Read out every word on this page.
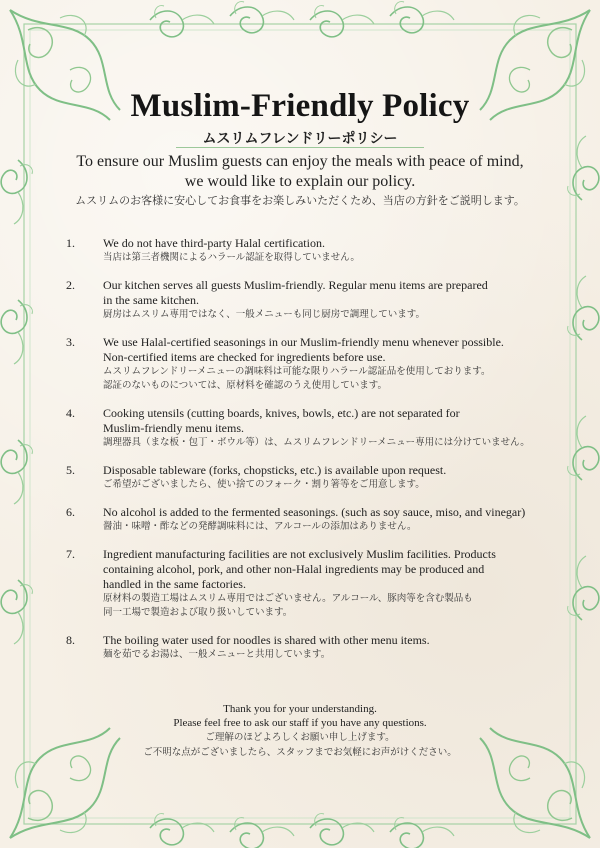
Muslim-Friendly Policy
ムスリムフレンドリーポリシー
To ensure our Muslim guests can enjoy the meals with peace of mind,
we would like to explain our policy.
ムスリムのお客様に安心してお食事をお楽しみいただくため、当店の方針をご説明します。
1. We do not have third-party Halal certification.
当店は第三者機関によるハラール認証を取得していません。
2. Our kitchen serves all guests Muslim-friendly. Regular menu items are prepared
in the same kitchen.
厨房はムスリム専用ではなく、一般メニューも同じ厨房で調理しています。
3. We use Halal-certified seasonings in our Muslim-friendly menu whenever possible.
Non-certified items are checked for ingredients before use.
ムスリムフレンドリーメニューの調味料は可能な限りハラール認証品を使用しております。
認証のないものについては、原材料を確認のうえ使用しています。
4. Cooking utensils (cutting boards, knives, bowls, etc.) are not separated for
Muslim-friendly menu items.
調理器具（まな板・包丁・ボウル等）は、ムスリムフレンドリーメニュー専用には分けていません。
5. Disposable tableware (forks, chopsticks, etc.) is available upon request.
ご希望がございましたら、使い捨てのフォーク・割り箸等をご用意します。
6. No alcohol is added to the fermented seasonings. (such as soy sauce, miso, and vinegar)
醤油・味噌・酢などの発酵調味料には、アルコールの添加はありません。
7. Ingredient manufacturing facilities are not exclusively Muslim facilities. Products
containing alcohol, pork, and other non-Halal ingredients may be produced and
handled in the same factories.
原材料の製造工場はムスリム専用ではございません。アルコール、豚肉等を含む製品も
同一工場で製造および取り扱いしています。
8. The boiling water used for noodles is shared with other menu items.
麺を茹でるお湯は、一般メニューと共用しています。
Thank you for your understanding.
Please feel free to ask our staff if you have any questions.
ご理解のほどよろしくお願い申し上げます。
ご不明な点がございましたら、スタッフまでお気軽にお声がけください。
